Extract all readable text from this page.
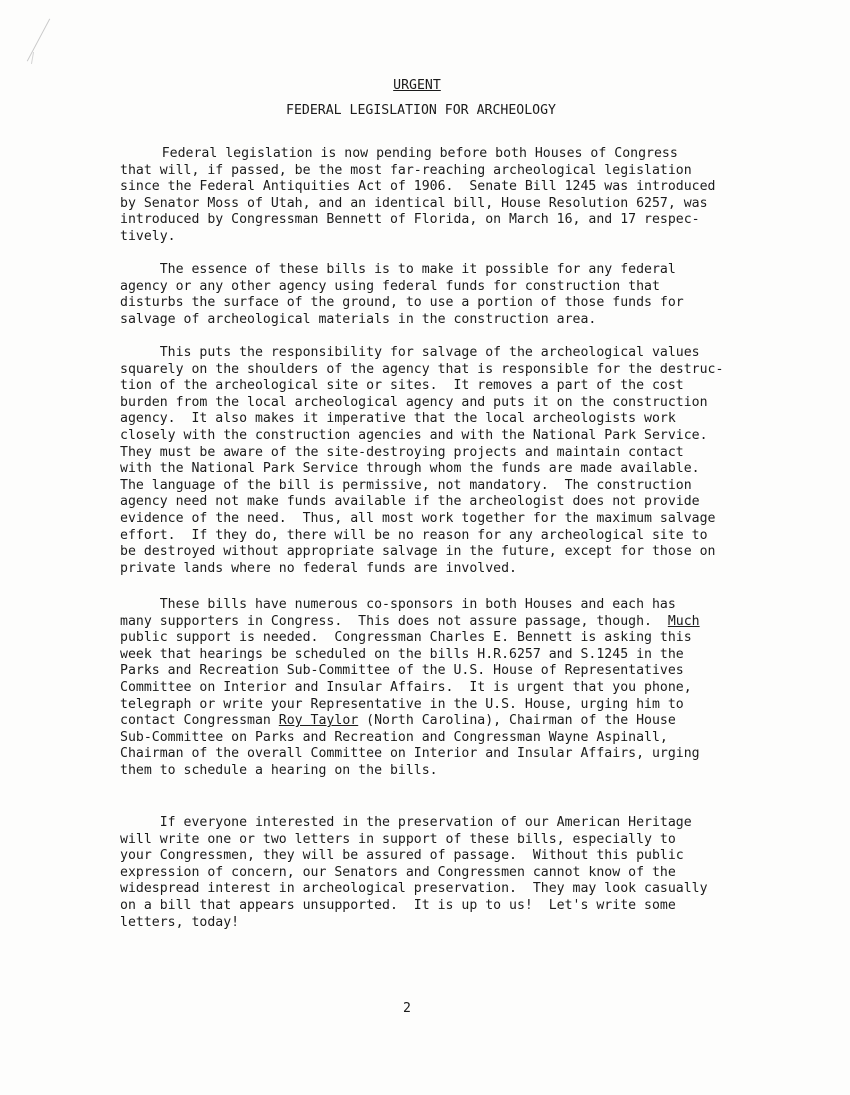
URGENT
FEDERAL LEGISLATION FOR ARCHEOLOGY
Federal legislation is now pending before both Houses of Congress
that will, if passed, be the most far-reaching archeological legislation
since the Federal Antiquities Act of 1906.  Senate Bill 1245 was introduced
by Senator Moss of Utah, and an identical bill, House Resolution 6257, was
introduced by Congressman Bennett of Florida, on March 16, and 17 respec-
tively.
The essence of these bills is to make it possible for any federal
agency or any other agency using federal funds for construction that
disturbs the surface of the ground, to use a portion of those funds for
salvage of archeological materials in the construction area.
This puts the responsibility for salvage of the archeological values
squarely on the shoulders of the agency that is responsible for the destruc-
tion of the archeological site or sites.  It removes a part of the cost
burden from the local archeological agency and puts it on the construction
agency.  It also makes it imperative that the local archeologists work
closely with the construction agencies and with the National Park Service.
They must be aware of the site-destroying projects and maintain contact
with the National Park Service through whom the funds are made available.
The language of the bill is permissive, not mandatory.  The construction
agency need not make funds available if the archeologist does not provide
evidence of the need.  Thus, all most work together for the maximum salvage
effort.  If they do, there will be no reason for any archeological site to
be destroyed without appropriate salvage in the future, except for those on
private lands where no federal funds are involved.
These bills have numerous co-sponsors in both Houses and each has
many supporters in Congress.  This does not assure passage, though.  Much
public support is needed.  Congressman Charles E. Bennett is asking this
week that hearings be scheduled on the bills H.R.6257 and S.1245 in the
Parks and Recreation Sub-Committee of the U.S. House of Representatives
Committee on Interior and Insular Affairs.  It is urgent that you phone,
telegraph or write your Representative in the U.S. House, urging him to
contact Congressman Roy Taylor (North Carolina), Chairman of the House
Sub-Committee on Parks and Recreation and Congressman Wayne Aspinall,
Chairman of the overall Committee on Interior and Insular Affairs, urging
them to schedule a hearing on the bills.
If everyone interested in the preservation of our American Heritage
will write one or two letters in support of these bills, especially to
your Congressmen, they will be assured of passage.  Without this public
expression of concern, our Senators and Congressmen cannot know of the
widespread interest in archeological preservation.  They may look casually
on a bill that appears unsupported.  It is up to us!  Let's write some
letters, today!
2
